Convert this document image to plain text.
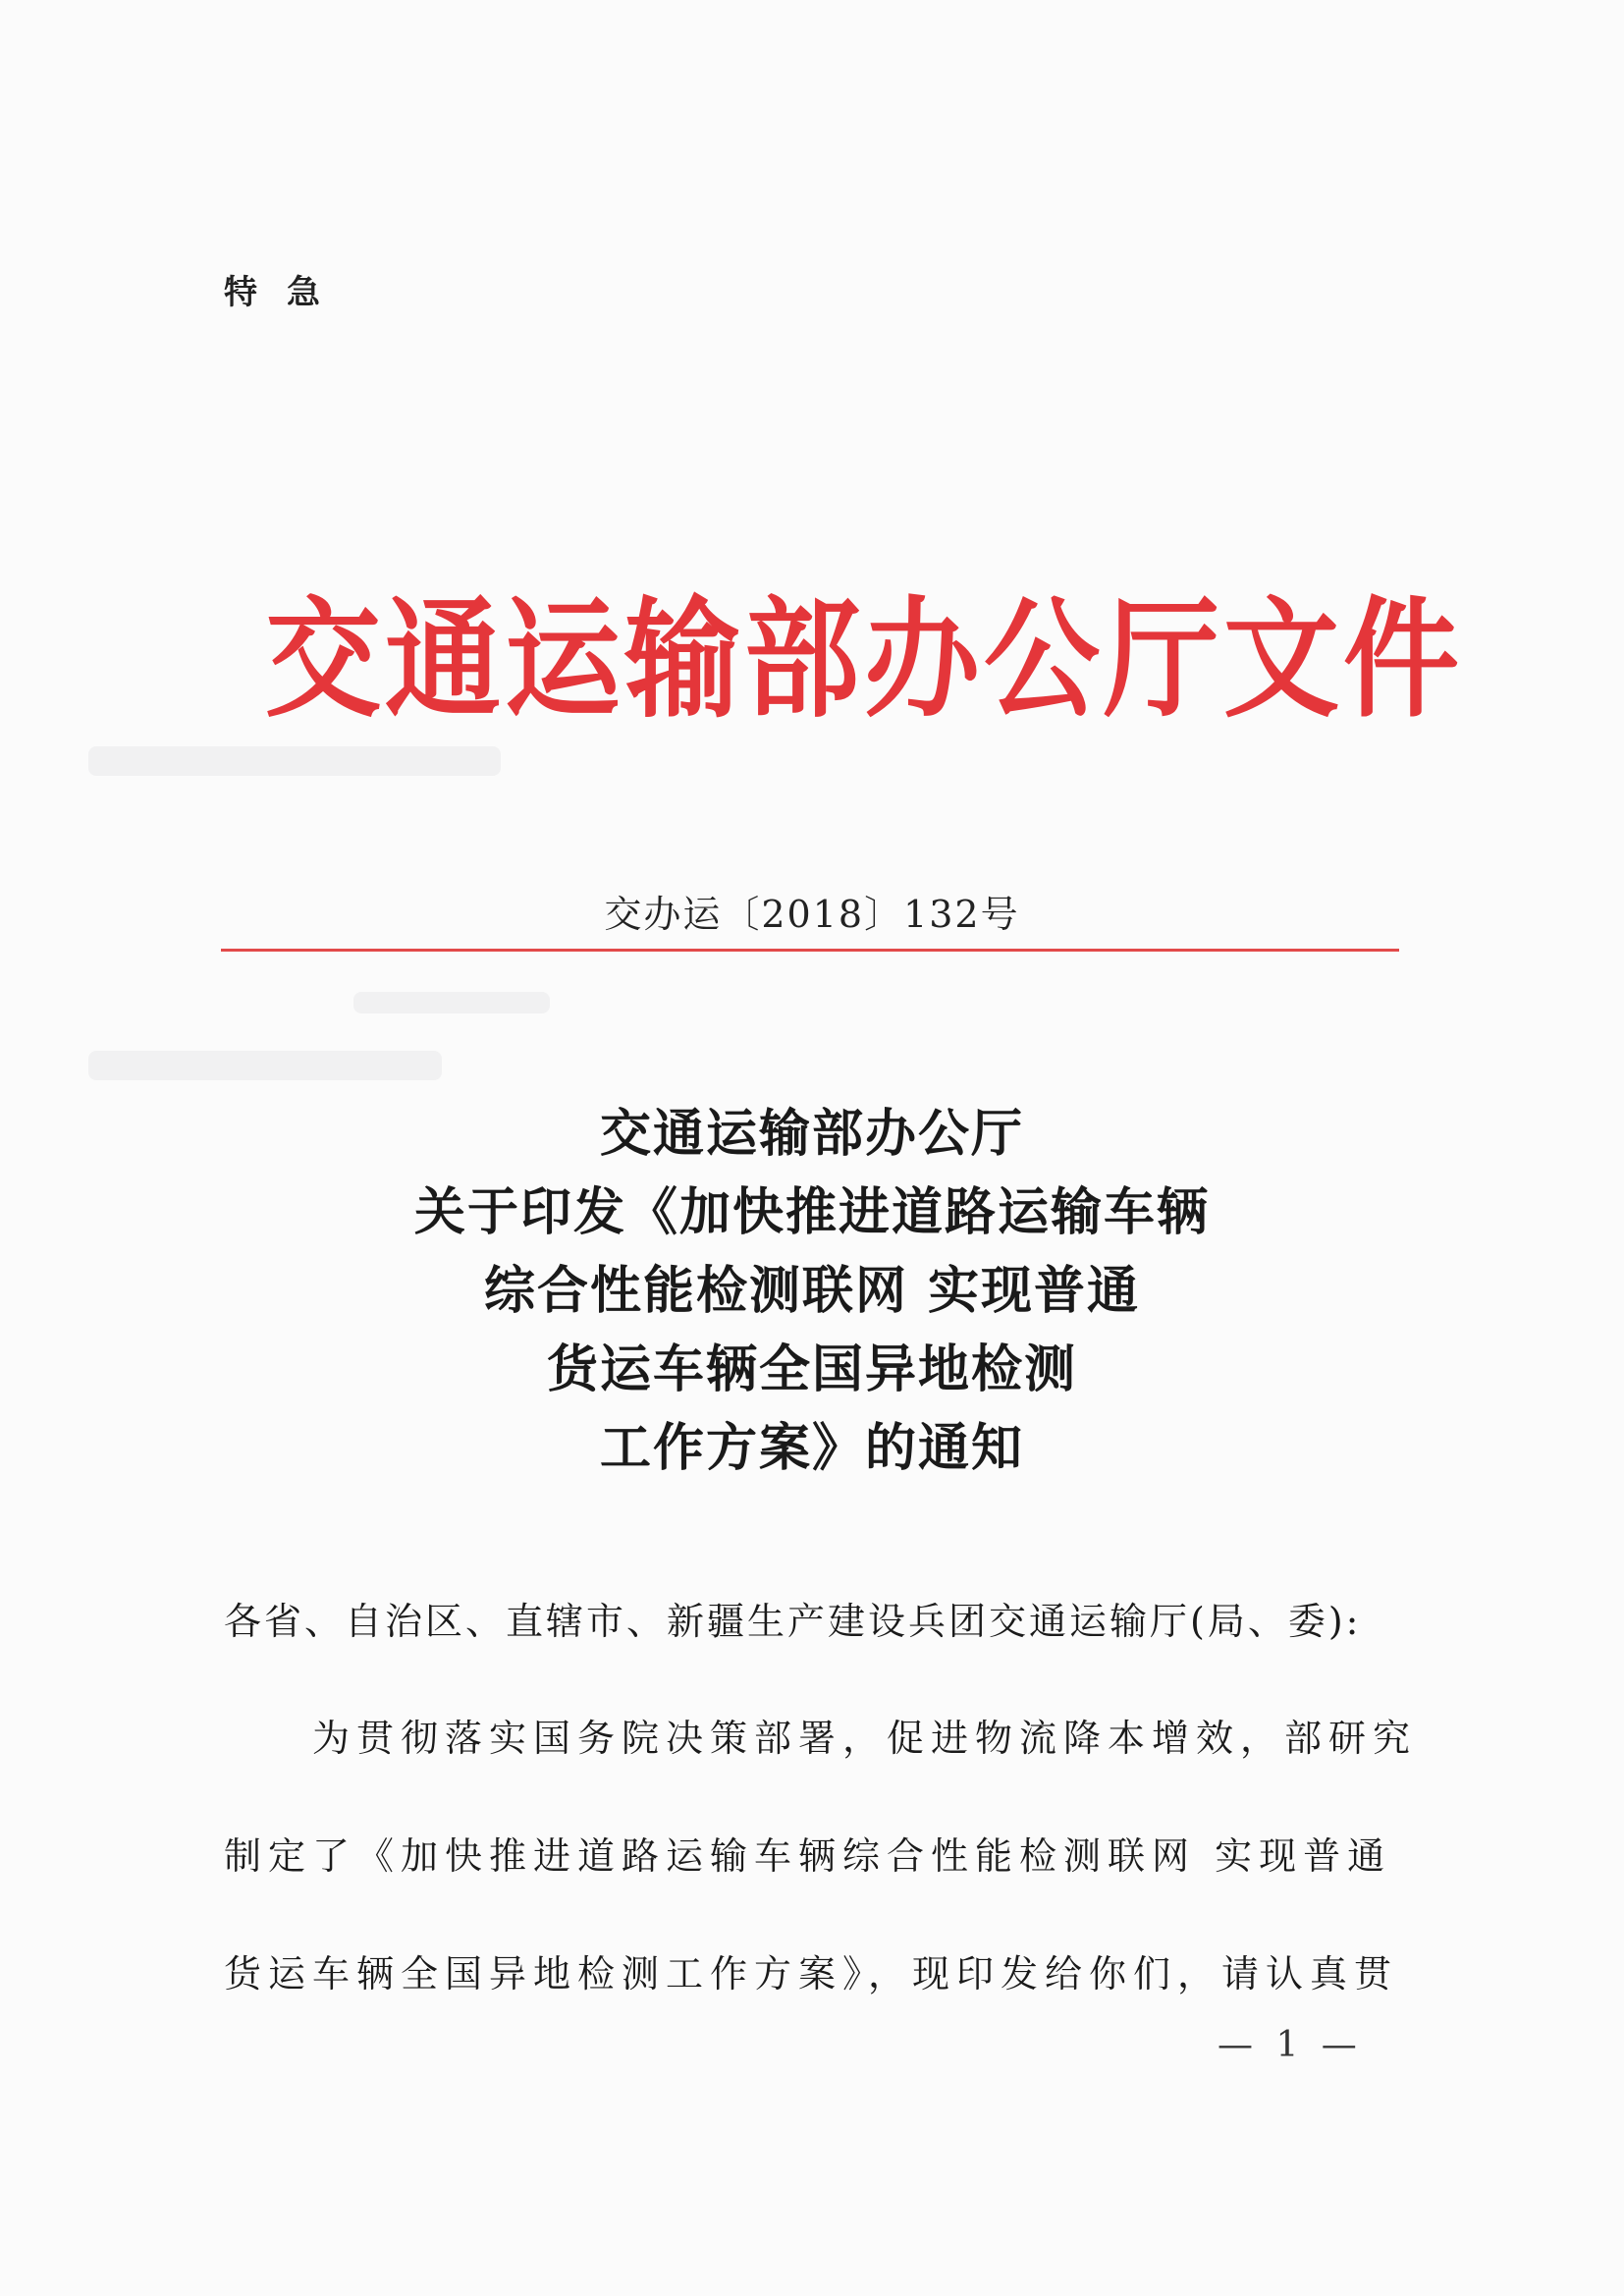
特急
交通运输部办公厅文件
交办运〔2018〕132号
交通运输部办公厅
关于印发《加快推进道路运输车辆
综合性能检测联网 实现普通
货运车辆全国异地检测
工作方案》的通知
各省、自治区、直辖市、新疆生产建设兵团交通运输厅(局、委):
为贯彻落实国务院决策部署，促进物流降本增效，部研究
制定了《加快推进道路运输车辆综合性能检测联网 实现普通
货运车辆全国异地检测工作方案》，现印发给你们，请认真贯
— 1 —
